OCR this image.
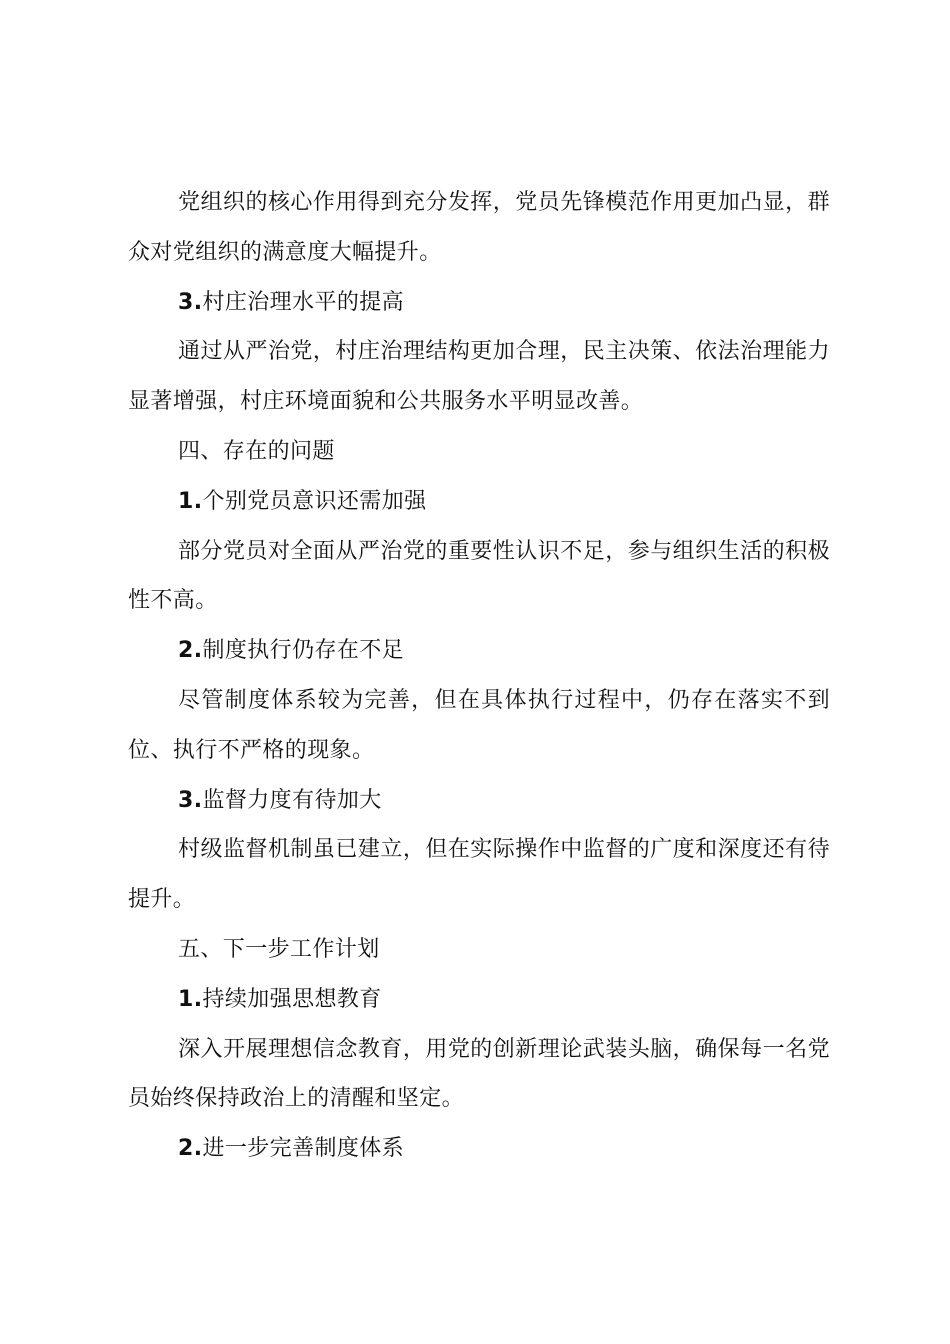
党组织的核心作用得到充分发挥，党员先锋模范作用更加凸显，群众对党组织的满意度大幅提升。

3.村庄治理水平的提高

通过从严治党，村庄治理结构更加合理，民主决策、依法治理能力显著增强，村庄环境面貌和公共服务水平明显改善。

四、存在的问题

1.个别党员意识还需加强

部分党员对全面从严治党的重要性认识不足，参与组织生活的积极性不高。

2.制度执行仍存在不足

尽管制度体系较为完善，但在具体执行过程中，仍存在落实不到位、执行不严格的现象。

3.监督力度有待加大

村级监督机制虽已建立，但在实际操作中监督的广度和深度还有待提升。

五、下一步工作计划

1.持续加强思想教育

深入开展理想信念教育，用党的创新理论武装头脑，确保每一名党员始终保持政治上的清醒和坚定。

2.进一步完善制度体系
